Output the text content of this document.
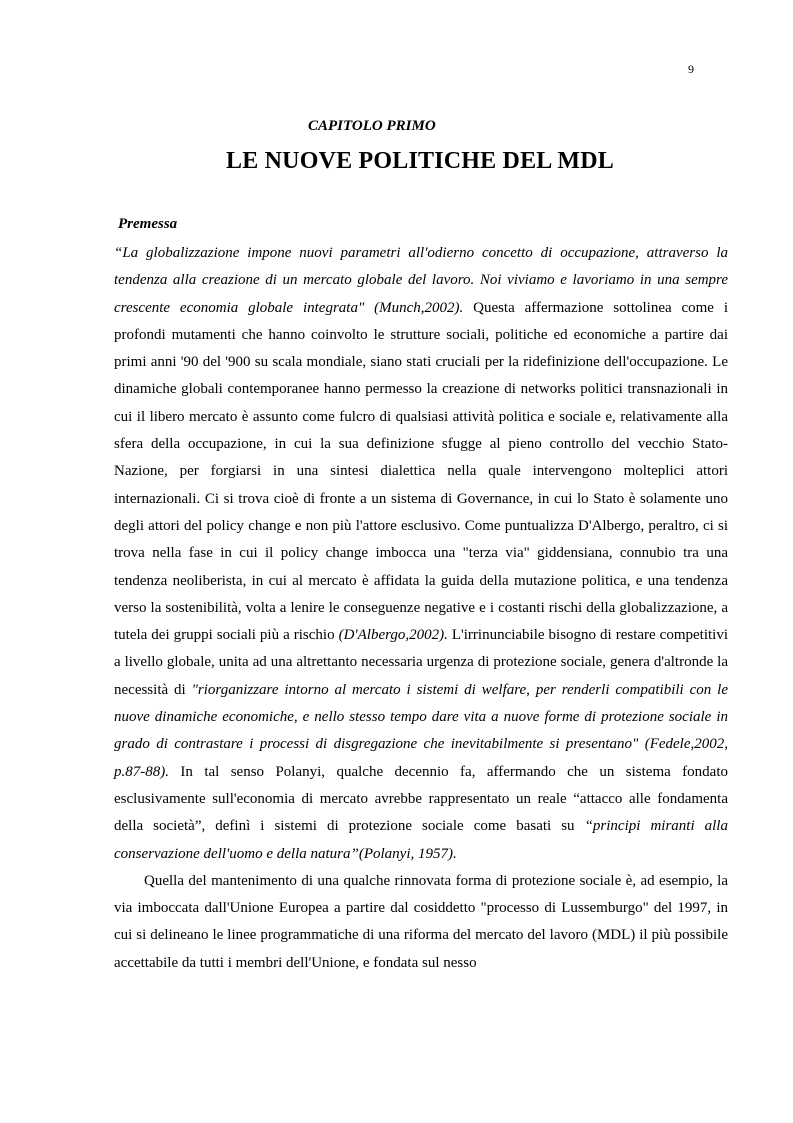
9
CAPITOLO PRIMO
LE NUOVE POLITICHE DEL MDL
Premessa

“La globalizzazione impone nuovi parametri all'odierno concetto di occupazione, attraverso la tendenza alla creazione di un mercato globale del lavoro. Noi viviamo e lavoriamo in una sempre crescente economia globale integrata" (Munch,2002). Questa affermazione sottolinea come i profondi mutamenti che hanno coinvolto le strutture sociali, politiche ed economiche a partire dai primi anni '90 del '900 su scala mondiale, siano stati cruciali per la ridefinizione dell'occupazione. Le dinamiche globali contemporanee hanno permesso la creazione di networks politici transnazionali in cui il libero mercato è assunto come fulcro di qualsiasi attività politica e sociale e, relativamente alla sfera della occupazione, in cui la sua definizione sfugge al pieno controllo del vecchio Stato- Nazione, per forgiarsi in una sintesi dialettica nella quale intervengono molteplici attori internazionali. Ci si trova cioè di fronte a un sistema di Governance, in cui lo Stato è solamente uno degli attori del policy change e non più l'attore esclusivo. Come puntualizza D'Albergo, peraltro, ci si trova nella fase in cui il policy change imbocca una "terza via" giddensiana, connubio tra una tendenza neoliberista, in cui al mercato è affidata la guida della mutazione politica, e una tendenza verso la sostenibilità, volta a lenire le conseguenze negative e i costanti rischi della globalizzazione, a tutela dei gruppi sociali più a rischio (D'Albergo,2002). L'irrinunciabile bisogno di restare competitivi a livello globale, unita ad una altrettanto necessaria urgenza di protezione sociale, genera d'altronde la necessità di "riorganizzare intorno al mercato i sistemi di welfare, per renderli compatibili con le nuove dinamiche economiche, e nello stesso tempo dare vita a nuove forme di protezione sociale in grado di contrastare i processi di disgregazione che inevitabilmente si presentano" (Fedele,2002, p.87-88). In tal senso Polanyi, qualche decennio fa, affermando che un sistema fondato esclusivamente sull'economia di mercato avrebbe rappresentato un reale “attacco alle fondamenta della società”, definì i sistemi di protezione sociale come basati su “principi miranti alla conservazione dell'uomo e della natura”(Polanyi, 1957).

Quella del mantenimento di una qualche rinnovata forma di protezione sociale è, ad esempio, la via imboccata dall'Unione Europea a partire dal cosiddetto "processo di Lussemburgo" del 1997, in cui si delineano le linee programmatiche di una riforma del mercato del lavoro (MDL) il più possibile accettabile da tutti i membri dell'Unione, e fondata sul nesso
